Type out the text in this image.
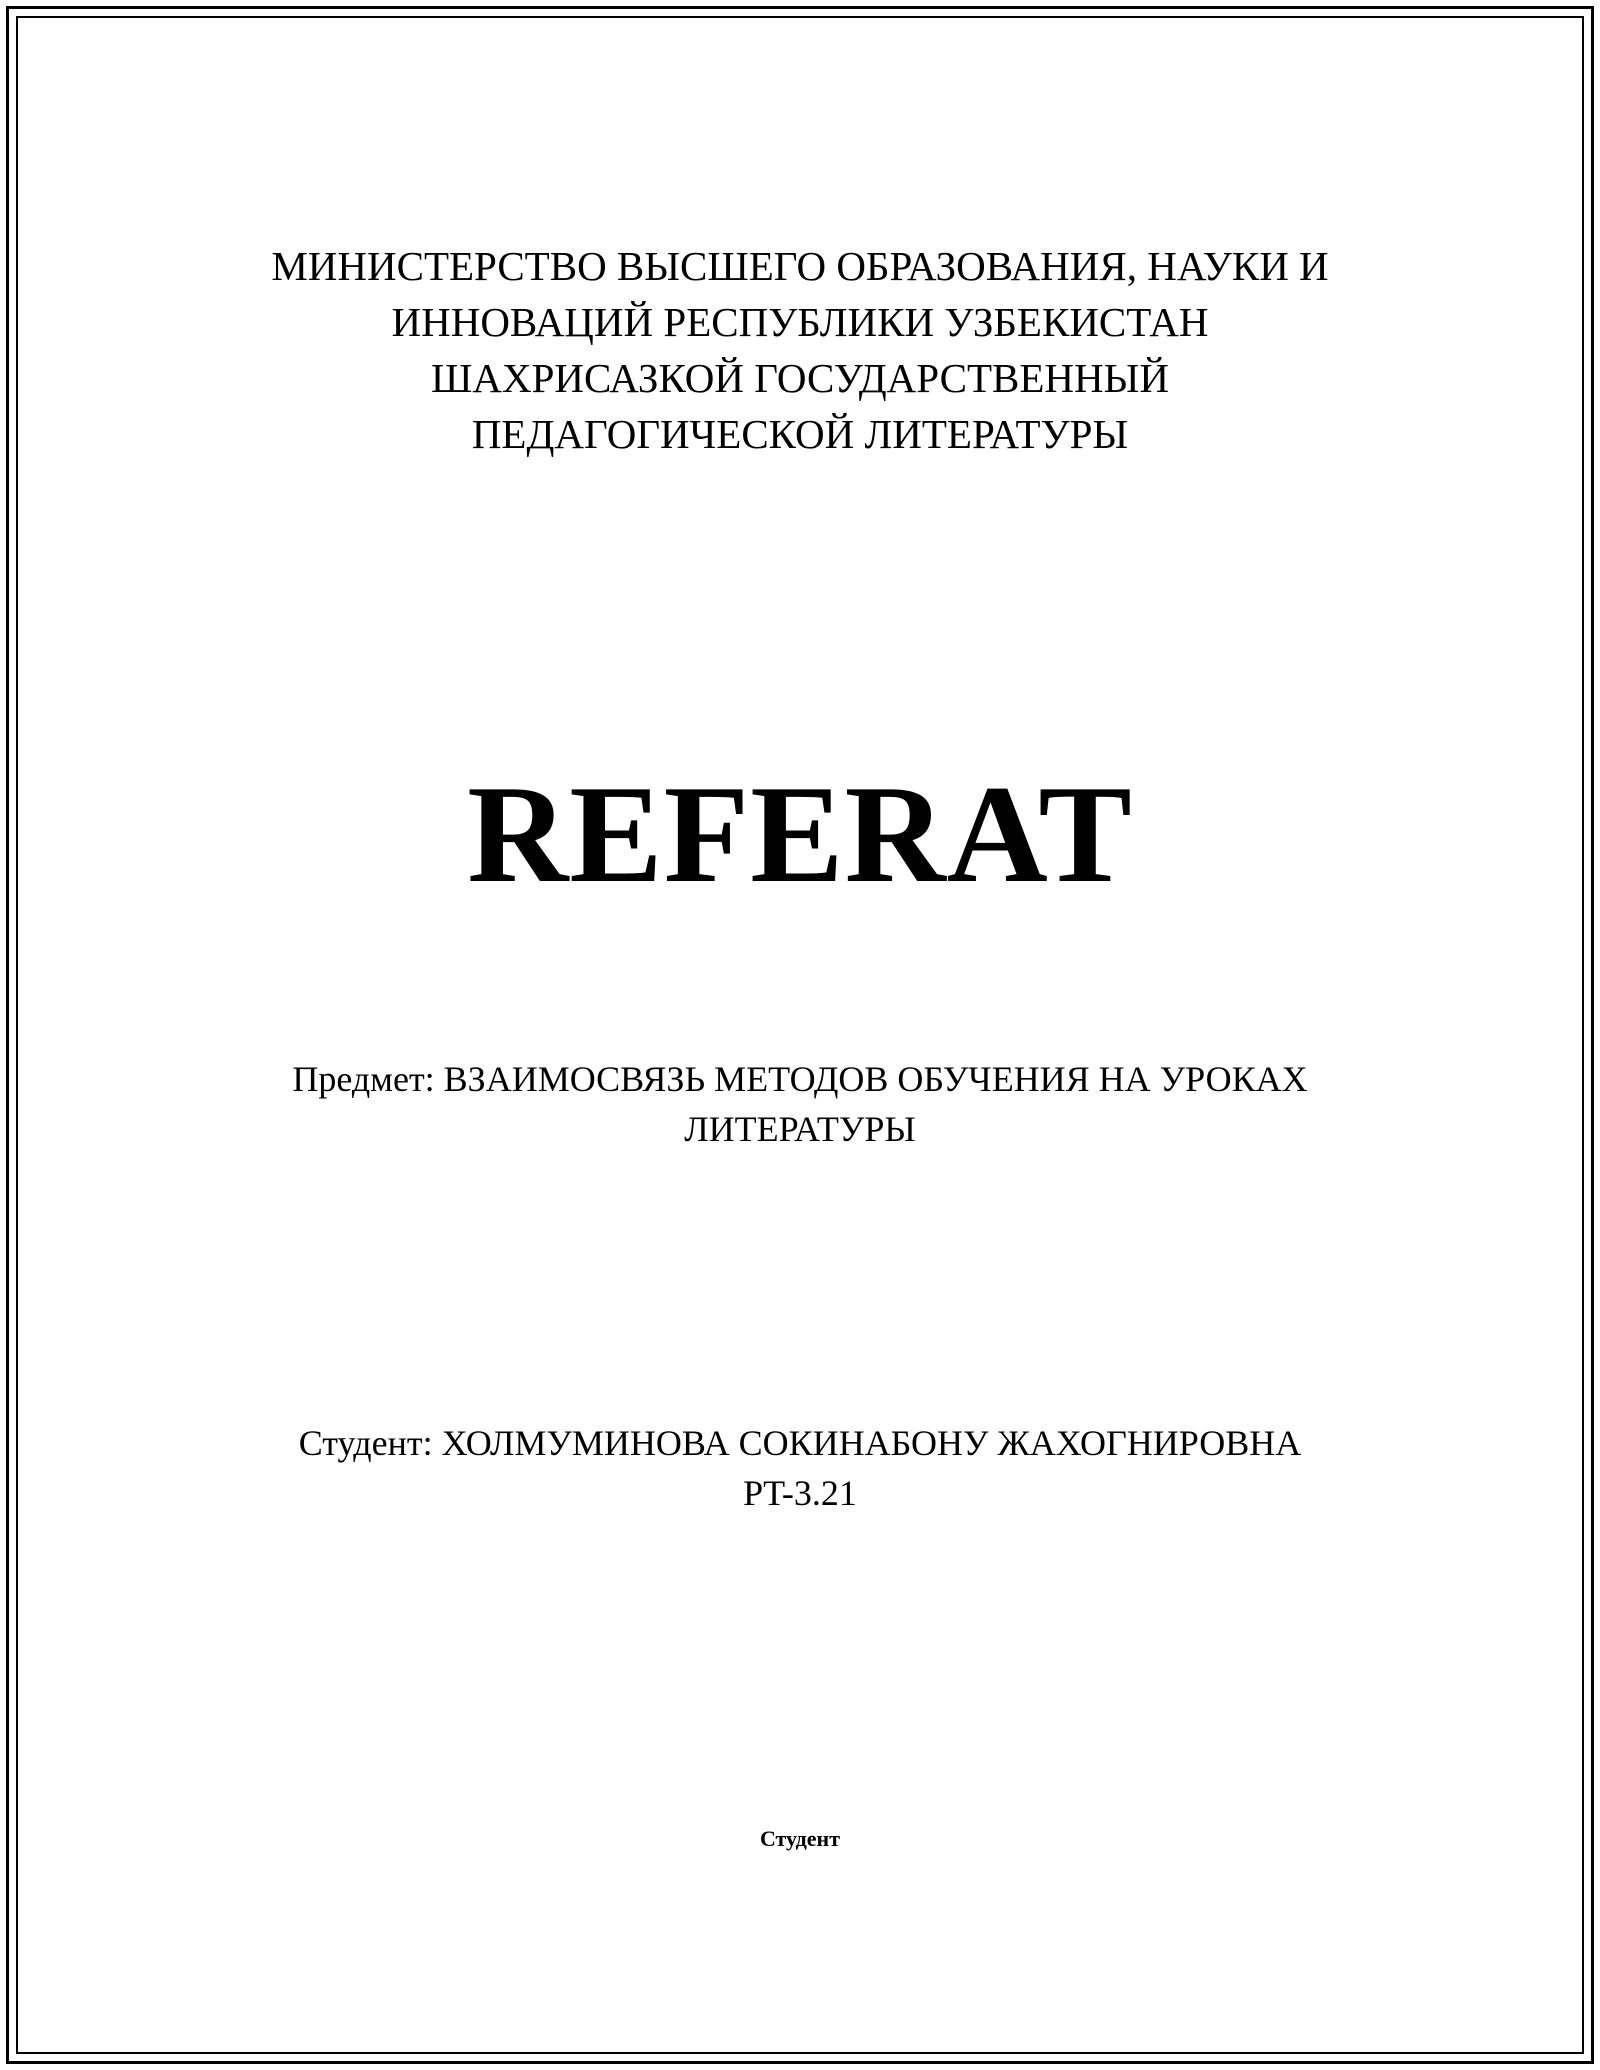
МИНИСТЕРСТВО ВЫСШЕГО ОБРАЗОВАНИЯ, НАУКИ И
ИННОВАЦИЙ РЕСПУБЛИКИ УЗБЕКИСТАН
ШАХРИСАЗКОЙ ГОСУДАРСТВЕННЫЙ
ПЕДАГОГИЧЕСКОЙ ЛИТЕРАТУРЫ
REFERAT
Предмет: ВЗАИМОСВЯЗЬ МЕТОДОВ ОБУЧЕНИЯ НА УРОКАХ
ЛИТЕРАТУРЫ
Студент: ХОЛМУМИНОВА СОКИНАБОНУ ЖАХОГНИРОВНА
PT-3.21
Студент
